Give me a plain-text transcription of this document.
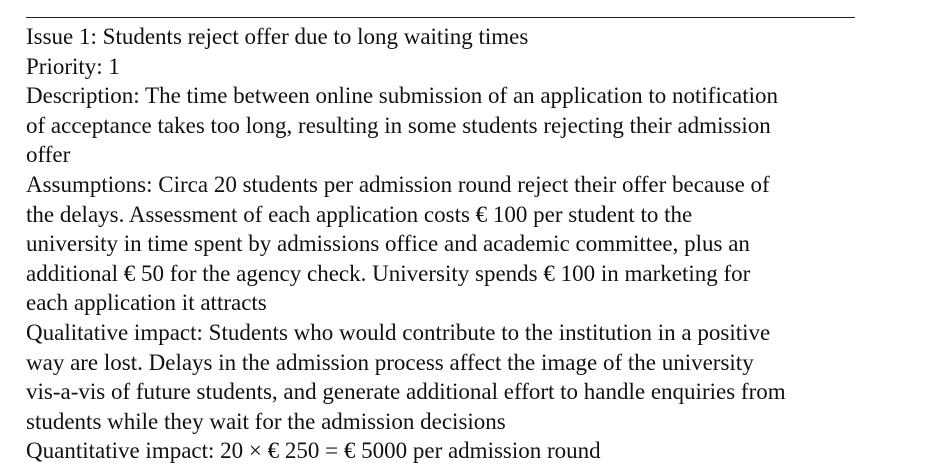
Issue 1: Students reject offer due to long waiting times

Priority: 1

Description: The time between online submission of an application to notification
of acceptance takes too long, resulting in some students rejecting their admission
offer

Assumptions: Circa 20 students per admission round reject their offer because of
the delays. Assessment of each application costs € 100 per student to the
university in time spent by admissions office and academic committee, plus an
additional € 50 for the agency check. University spends € 100 in marketing for
each application it attracts

Qualitative impact: Students who would contribute to the institution in a positive
way are lost. Delays in the admission process affect the image of the university
vis-a-vis of future students, and generate additional effort to handle enquiries from
students while they wait for the admission decisions

Quantitative impact: 20 × € 250 = € 5000 per admission round
